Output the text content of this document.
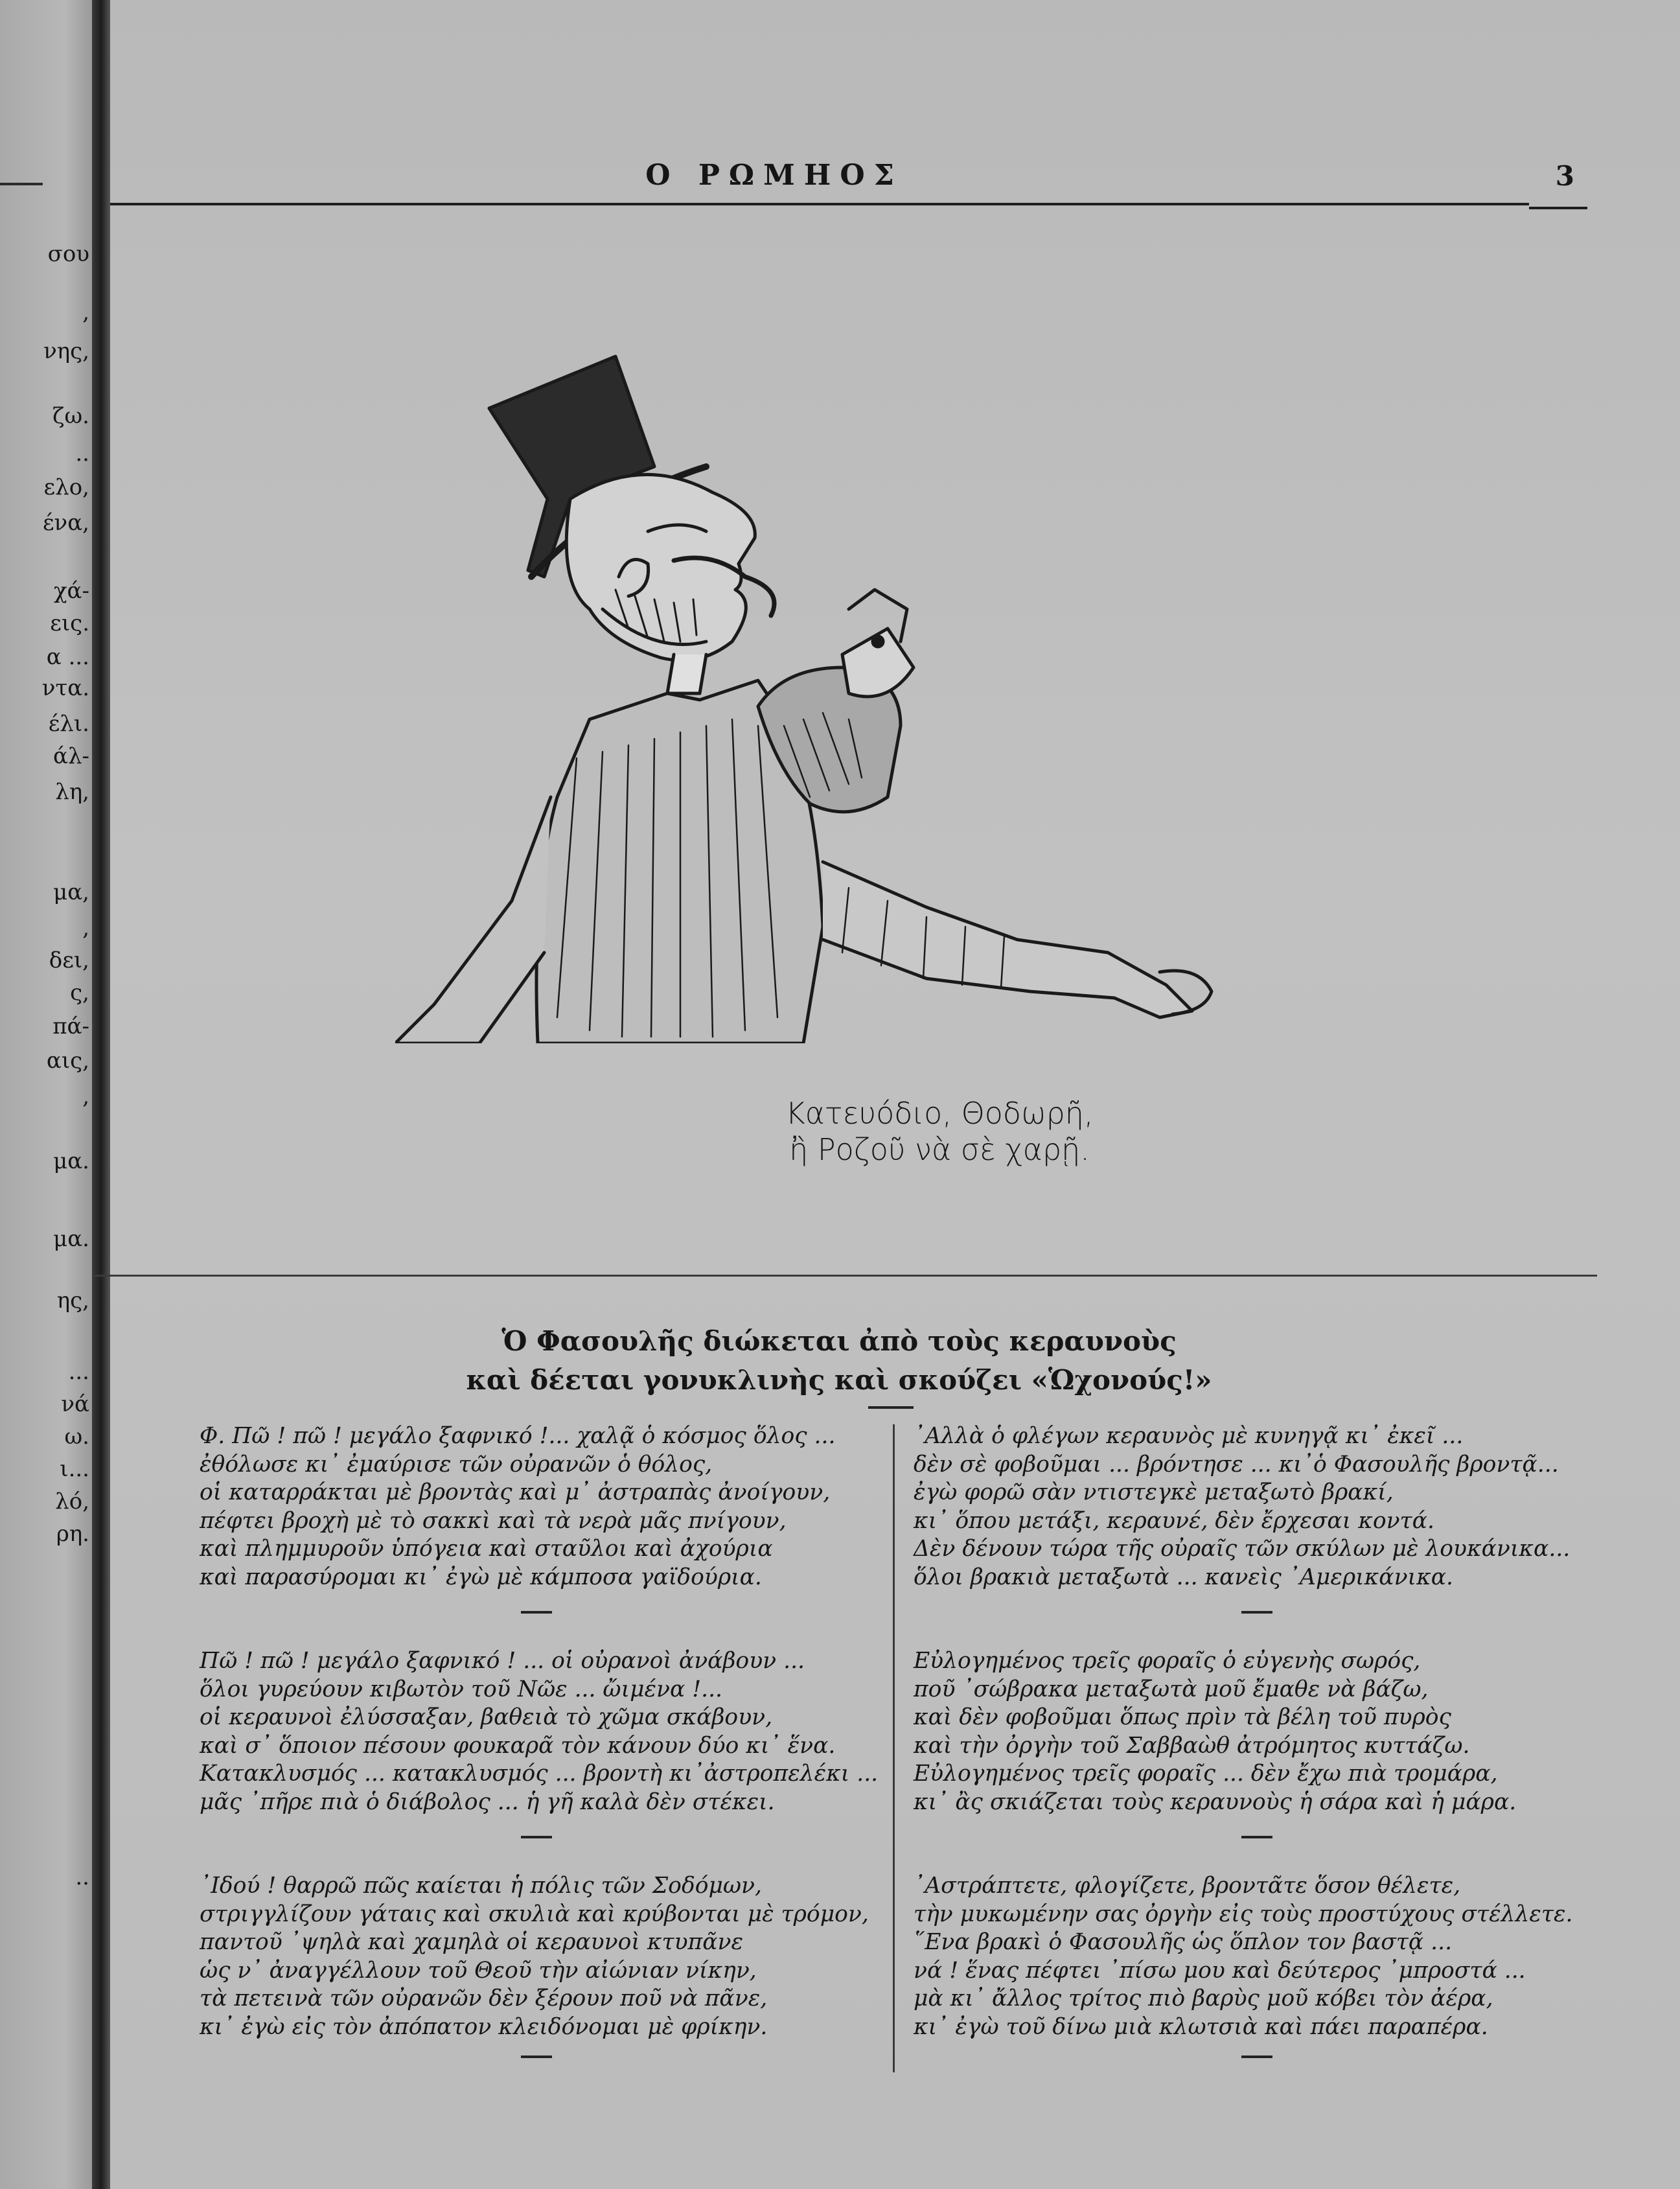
σου
,
νης,
ζω.
..
ελο,
ένα,
χά-
εις.
α ...
ντα.
έλι.
άλ-
λη,
μα,
,
δει,
ς,
πά-
αις,
,
μα.
μα.
ης,
...
νά
ω.
ι...
λό,
ρη.
..
Ο ΡΩΜΗΟΣ	3
Κατευόδιο, Θοδωρῆ,
ἢ Ροζοῦ νὰ σὲ χαρῇ.
Ὁ Φασουλῆς διώκεται ἀπὸ τοὺς κεραυνοὺς
καὶ δέεται γονυκλινὴς καὶ σκούζει «Ὡχονούς!»
Φ. Πῶ ! πῶ ! μεγάλο ξαφνικό !... χαλᾷ ὁ κόσμος ὅλος ...
ἐθόλωσε κι᾽ ἐμαύρισε τῶν οὐρανῶν ὁ θόλος,
οἱ καταρράκται μὲ βροντὰς καὶ μ᾽ ἀστραπὰς ἀνοίγουν,
πέφτει βροχὴ μὲ τὸ σακκὶ καὶ τὰ νερὰ μᾶς πνίγουν,
καὶ πλημμυροῦν ὑπόγεια καὶ σταῦλοι καὶ ἀχούρια
καὶ παρασύρομαι κι᾽ ἐγὼ μὲ κάμποσα γαϊδούρια.
Πῶ ! πῶ ! μεγάλο ξαφνικό ! ... οἱ οὐρανοὶ ἀνάβουν ...
ὅλοι γυρεύουν κιβωτὸν τοῦ Νῶε ... ὤιμένα !...
οἱ κεραυνοὶ ἐλύσσαξαν, βαθειὰ τὸ χῶμα σκάβουν,
καὶ σ᾽ ὅποιον πέσουν φουκαρᾶ τὸν κάνουν δύο κι᾽ ἕνα.
Κατακλυσμός ... κατακλυσμός ... βροντὴ κι᾽ἀστροπελέκι ...
μᾶς ᾽πῆρε πιὰ ὁ διάβολος ... ἡ γῆ καλὰ δὲν στέκει.
᾽Ιδού ! θαρρῶ πῶς καίεται ἡ πόλις τῶν Σοδόμων,
στριγγλίζουν γάταις καὶ σκυλιὰ καὶ κρύβονται μὲ τρόμον,
παντοῦ ᾽ψηλὰ καὶ χαμηλὰ οἱ κεραυνοὶ κτυπᾶνε
ὡς ν᾽ ἀναγγέλλουν τοῦ Θεοῦ τὴν αἰώνιαν νίκην,
τὰ πετεινὰ τῶν οὐρανῶν δὲν ξέρουν ποῦ νὰ πᾶνε,
κι᾽ ἐγὼ εἰς τὸν ἀπόπατον κλειδόνομαι μὲ φρίκην.
᾽Αλλὰ ὁ φλέγων κεραυνὸς μὲ κυνηγᾷ κι᾽ ἐκεῖ ...
δὲν σὲ φοβοῦμαι ... βρόντησε ... κι᾽ὁ Φασουλῆς βροντᾷ...
ἐγὼ φορῶ σὰν ντιστεγκὲ μεταξωτὸ βρακί,
κι᾽ ὅπου μετάξι, κεραυνέ, δὲν ἔρχεσαι κοντά.
Δὲν δένουν τώρα τῆς οὐραῖς τῶν σκύλων μὲ λουκάνικα...
ὅλοι βρακιὰ μεταξωτὰ ... κανεὶς ᾽Αμερικάνικα.
Εὐλογημένος τρεῖς φοραῖς ὁ εὐγενὴς σωρός,
ποῦ ᾽σώβρακα μεταξωτὰ μοῦ ἔμαθε νὰ βάζω,
καὶ δὲν φοβοῦμαι ὅπως πρὶν τὰ βέλη τοῦ πυρὸς
καὶ τὴν ὀργὴν τοῦ Σαββαὼθ ἀτρόμητος κυττάζω.
Εὐλογημένος τρεῖς φοραῖς ... δὲν ἔχω πιὰ τρομάρα,
κι᾽ ἂς σκιάζεται τοὺς κεραυνοὺς ἡ σάρα καὶ ἡ μάρα.
᾽Αστράπτετε, φλογίζετε, βροντᾶτε ὅσον θέλετε,
τὴν μυκωμένην σας ὀργὴν εἰς τοὺς προστύχους στέλλετε.
῞Ενα βρακὶ ὁ Φασουλῆς ὡς ὅπλον τον βαστᾷ ...
νά ! ἕνας πέφτει ᾽πίσω μου καὶ δεύτερος ᾽μπροστά ...
μὰ κι᾽ ἄλλος τρίτος πιὸ βαρὺς μοῦ κόβει τὸν ἀέρα,
κι᾽ ἐγὼ τοῦ δίνω μιὰ κλωτσιὰ καὶ πάει παραπέρα.
